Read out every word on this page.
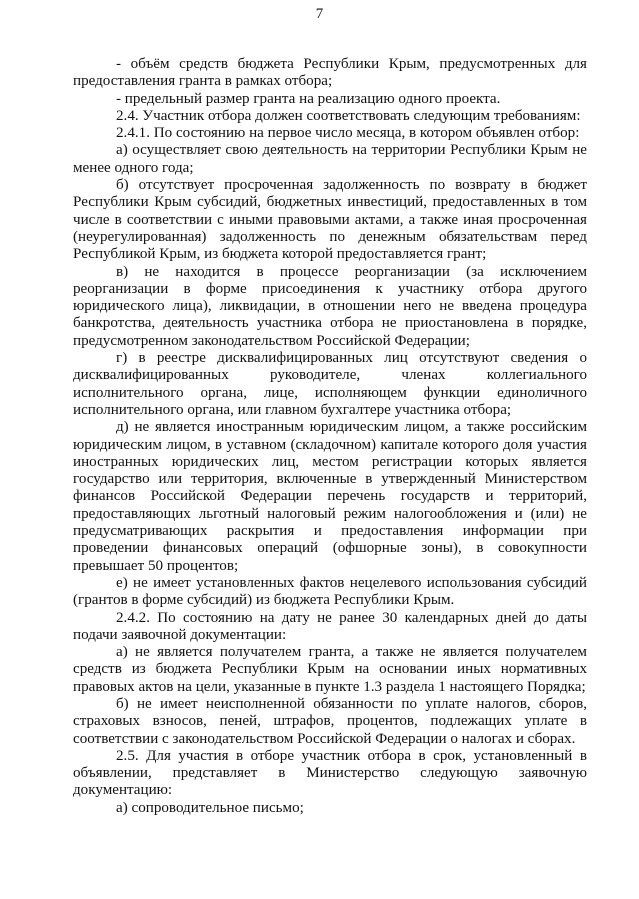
7

- объём средств бюджета Республики Крым, предусмотренных для предоставления гранта в рамках отбора;

- предельный размер гранта на реализацию одного проекта.

2.4. Участник отбора должен соответствовать следующим требованиям:

2.4.1. По состоянию на первое число месяца, в котором объявлен отбор:

а) осуществляет свою деятельность на территории Республики Крым не менее одного года;

б) отсутствует просроченная задолженность по возврату в бюджет Республики Крым субсидий, бюджетных инвестиций, предоставленных в том числе в соответствии с иными правовыми актами, а также иная просроченная (неурегулированная) задолженность по денежным обязательствам перед Республикой Крым, из бюджета которой предоставляется грант;

в) не находится в процессе реорганизации (за исключением реорганизации в форме присоединения к участнику отбора другого юридического лица), ликвидации, в отношении него не введена процедура банкротства, деятельность участника отбора не приостановлена в порядке, предусмотренном законодательством Российской Федерации;

г) в реестре дисквалифицированных лиц отсутствуют сведения о дисквалифицированных руководителе, членах коллегиального исполнительного органа, лице, исполняющем функции единоличного исполнительного органа, или главном бухгалтере участника отбора;

д) не является иностранным юридическим лицом, а также российским юридическим лицом, в уставном (складочном) капитале которого доля участия иностранных юридических лиц, местом регистрации которых является государство или территория, включенные в утвержденный Министерством финансов Российской Федерации перечень государств и территорий, предоставляющих льготный налоговый режим налогообложения и (или) не предусматривающих раскрытия и предоставления информации при проведении финансовых операций (офшорные зоны), в совокупности превышает 50 процентов;

е) не имеет установленных фактов нецелевого использования субсидий (грантов в форме субсидий) из бюджета Республики Крым.

2.4.2. По состоянию на дату не ранее 30 календарных дней до даты подачи заявочной документации:

а) не является получателем гранта, а также не является получателем средств из бюджета Республики Крым на основании иных нормативных правовых актов на цели, указанные в пункте 1.3 раздела 1 настоящего Порядка;

б) не имеет неисполненной обязанности по уплате налогов, сборов, страховых взносов, пеней, штрафов, процентов, подлежащих уплате в соответствии с законодательством Российской Федерации о налогах и сборах.

2.5. Для участия в отборе участник отбора в срок, установленный в объявлении, представляет в Министерство следующую заявочную документацию:

а) сопроводительное письмо;
